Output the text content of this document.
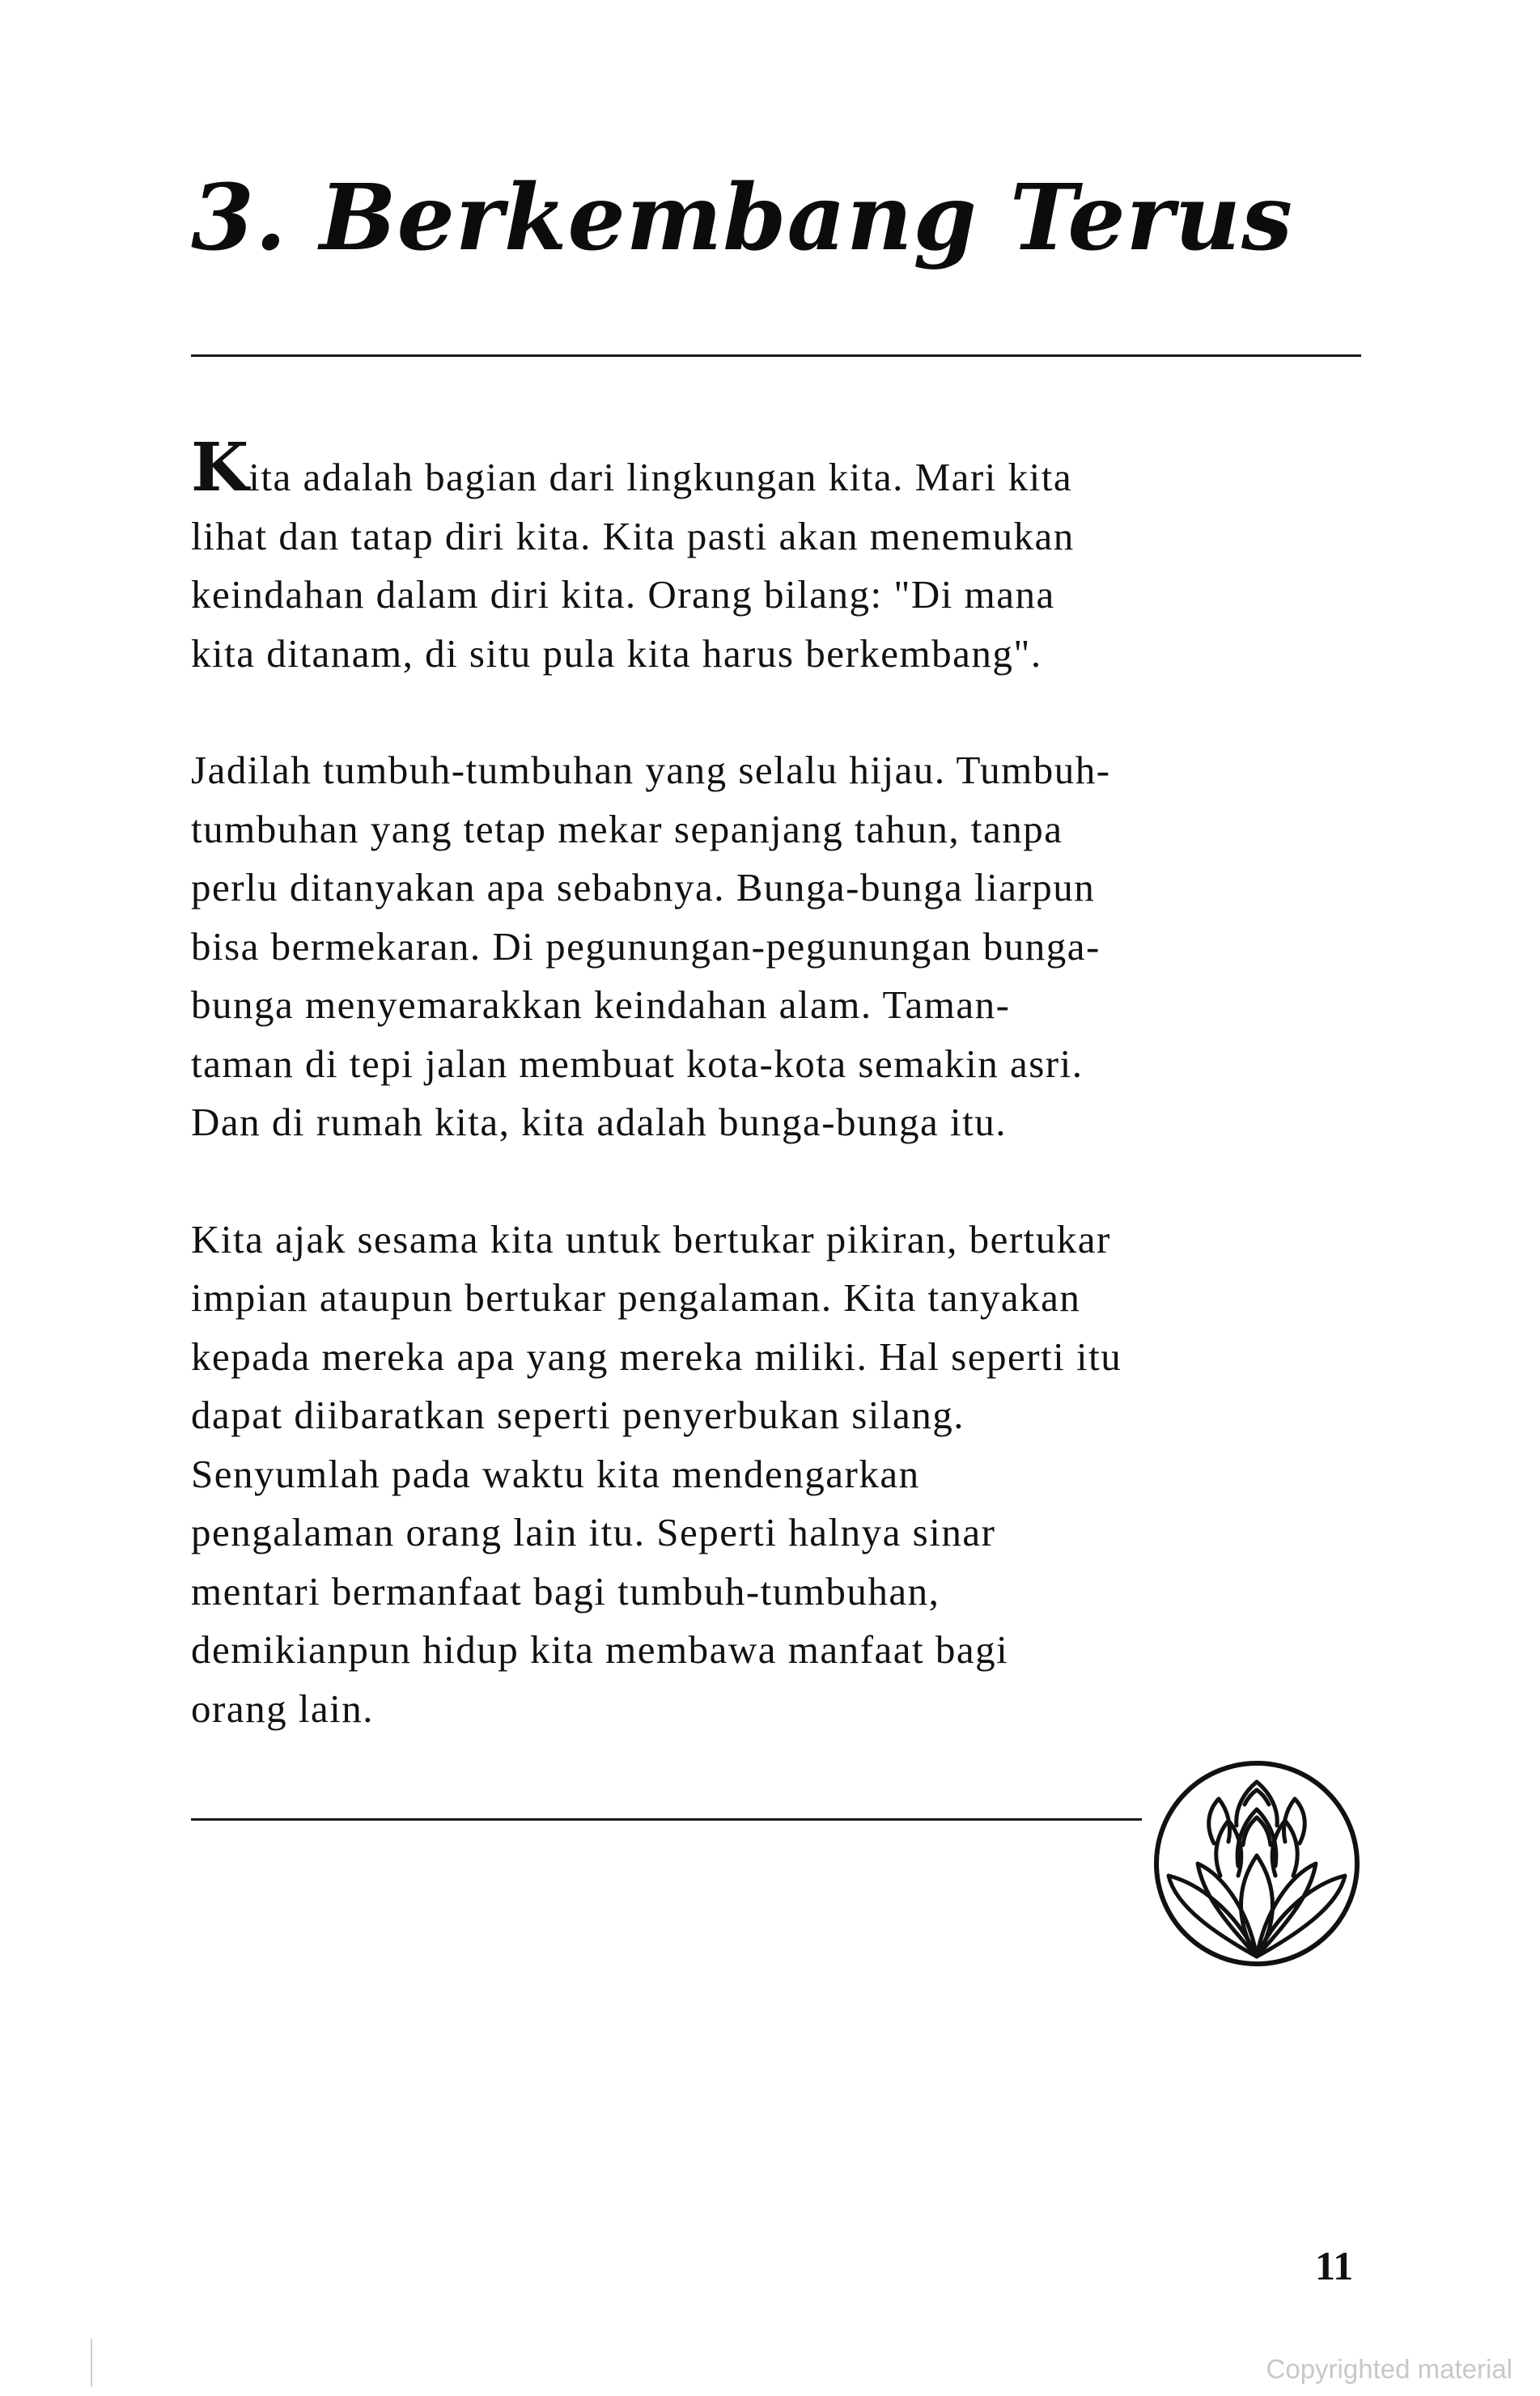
3. Berkembang Terus

Kita adalah bagian dari lingkungan kita. Mari kita
lihat dan tatap diri kita. Kita pasti akan menemukan
keindahan dalam diri kita. Orang bilang: "Di mana
kita ditanam, di situ pula kita harus berkembang".

Jadilah tumbuh-tumbuhan yang selalu hijau. Tumbuh-
tumbuhan yang tetap mekar sepanjang tahun, tanpa
perlu ditanyakan apa sebabnya. Bunga-bunga liarpun
bisa bermekaran. Di pegunungan-pegunungan bunga-
bunga menyemarakkan keindahan alam. Taman-
taman di tepi jalan membuat kota-kota semakin asri.
Dan di rumah kita, kita adalah bunga-bunga itu.

Kita ajak sesama kita untuk bertukar pikiran, bertukar
impian ataupun bertukar pengalaman. Kita tanyakan
kepada mereka apa yang mereka miliki. Hal seperti itu
dapat diibaratkan seperti penyerbukan silang.
Senyumlah pada waktu kita mendengarkan
pengalaman orang lain itu. Seperti halnya sinar
mentari bermanfaat bagi tumbuh-tumbuhan,
demikianpun hidup kita membawa manfaat bagi
orang lain.

11
Copyrighted material
